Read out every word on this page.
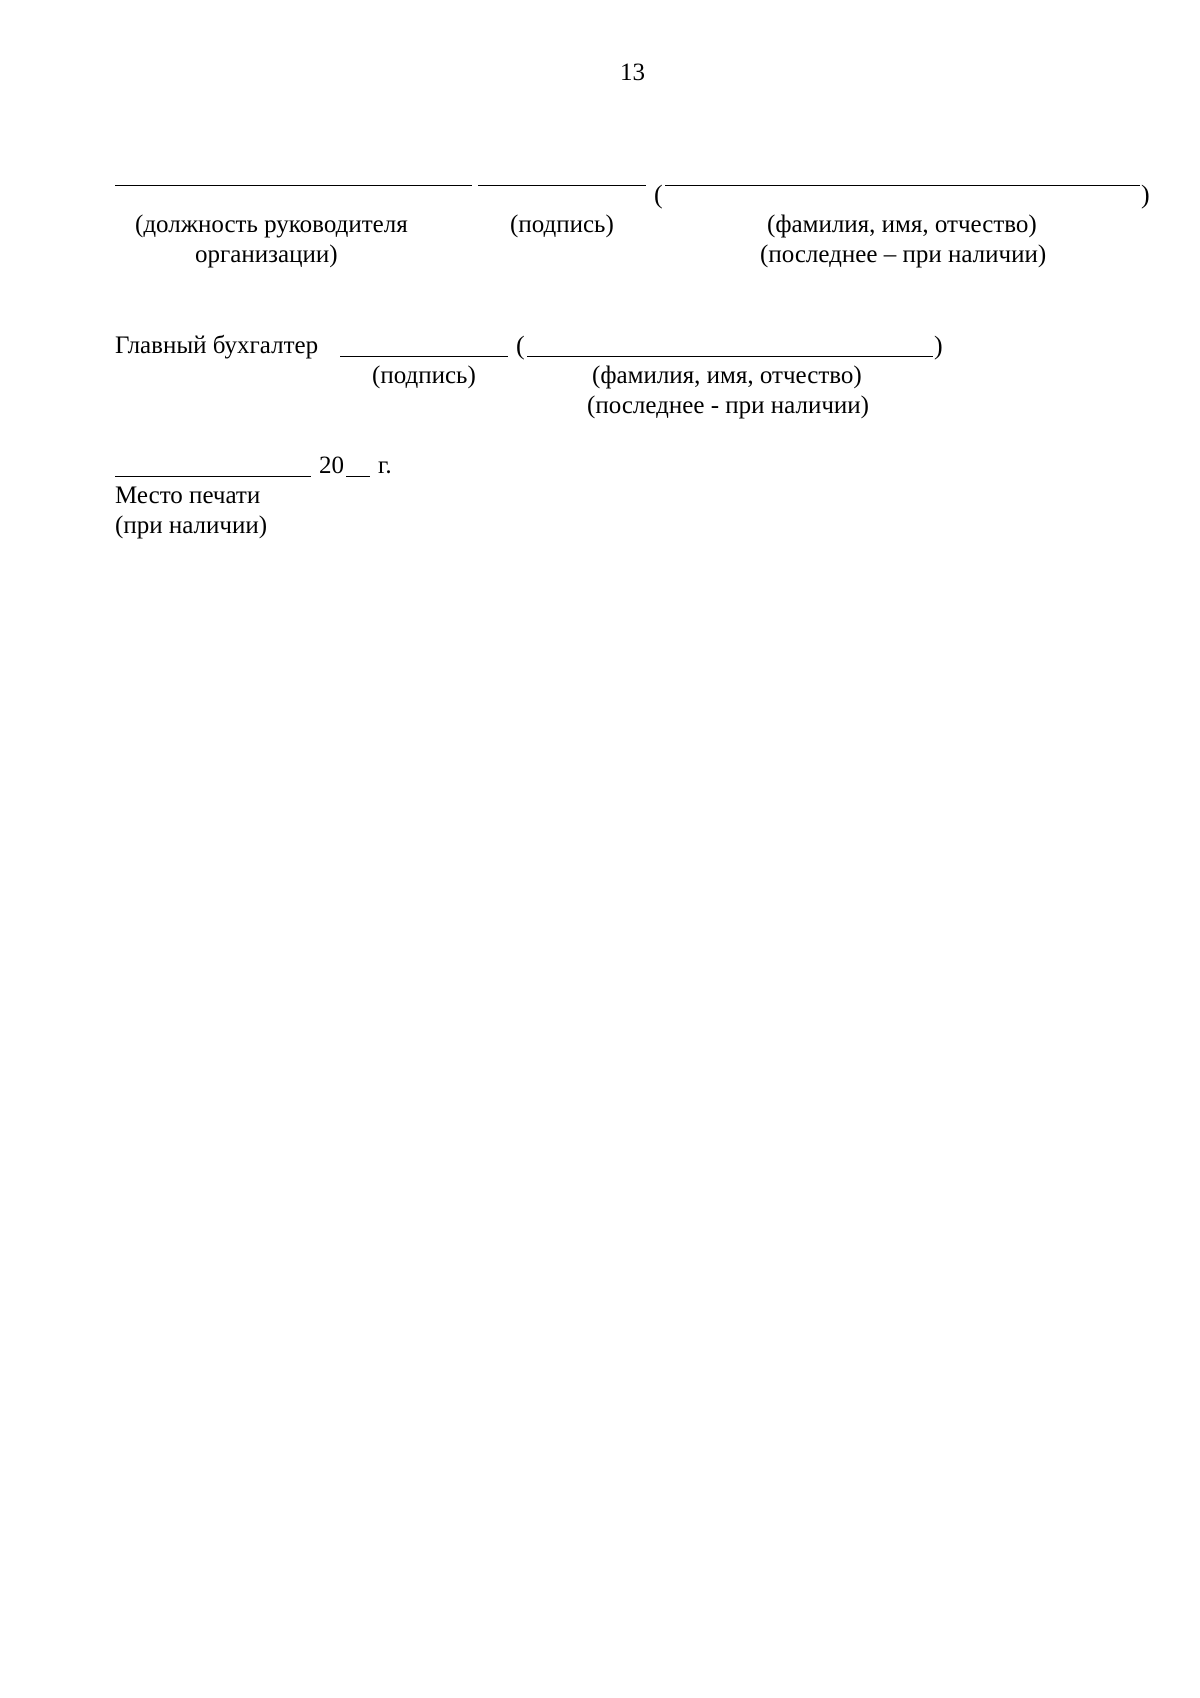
13
(	)
(должность руководителя
организации)
(подпись)	(фамилия, имя, отчество)
(последнее – при наличии)
Главный бухгалтер	(	)
(подпись)	(фамилия, имя, отчество)
(последнее - при наличии)
20 г.
Место печати
(при наличии)
